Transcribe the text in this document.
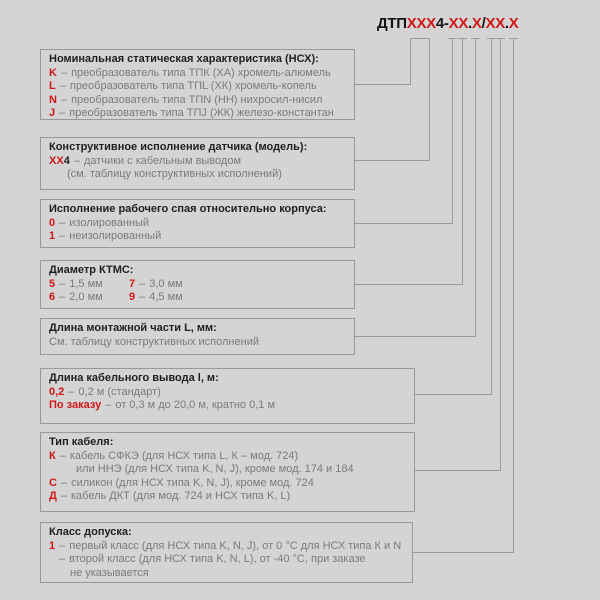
ДТПXXX4-XX.X/XX.X
Номинальная статическая характеристика (НСХ):
K – преобразователь типа ТПК (ХА) хромель-алюмель
L – преобразователь типа ТПL (ХК) хромель-копель
N – преобразователь типа ТПN (НН) нихросил-нисил
J – преобразователь типа ТПJ (ЖК) железо-константан
Конструктивное исполнение датчика (модель):
XX4 – датчики с кабельным выводом
(см. таблицу конструктивных исполнений)
Исполнение рабочего спая относительно корпуса:
0 – изолированный
1 – неизолированный
Диаметр КТМС:
5 – 1,5 мм 7 – 3,0 мм
6 – 2,0 мм 9 – 4,5 мм
Длина монтажной части L, мм:
См. таблицу конструктивных исполнений
Длина кабельного вывода l, м:
0,2 – 0,2 м (стандарт)
По заказу – от 0,3 м до 20,0 м, кратно 0,1 м
Тип кабеля:
К – кабель СФКЭ (для НСХ типа L, К – мод. 724)
или ННЭ (для НСХ типа K, N, J), кроме мод. 174 и 184
С – силикон (для НСХ типа K, N, J), кроме мод. 724
Д – кабель ДКТ (для мод. 724 и НСХ типа K, L)
Класс допуска:
1 – первый класс (для НСХ типа K, N, J), от 0 °С для НСХ типа К и N
– второй класс (для НСХ типа K, N, L), от -40 °С, при заказе
не указывается
